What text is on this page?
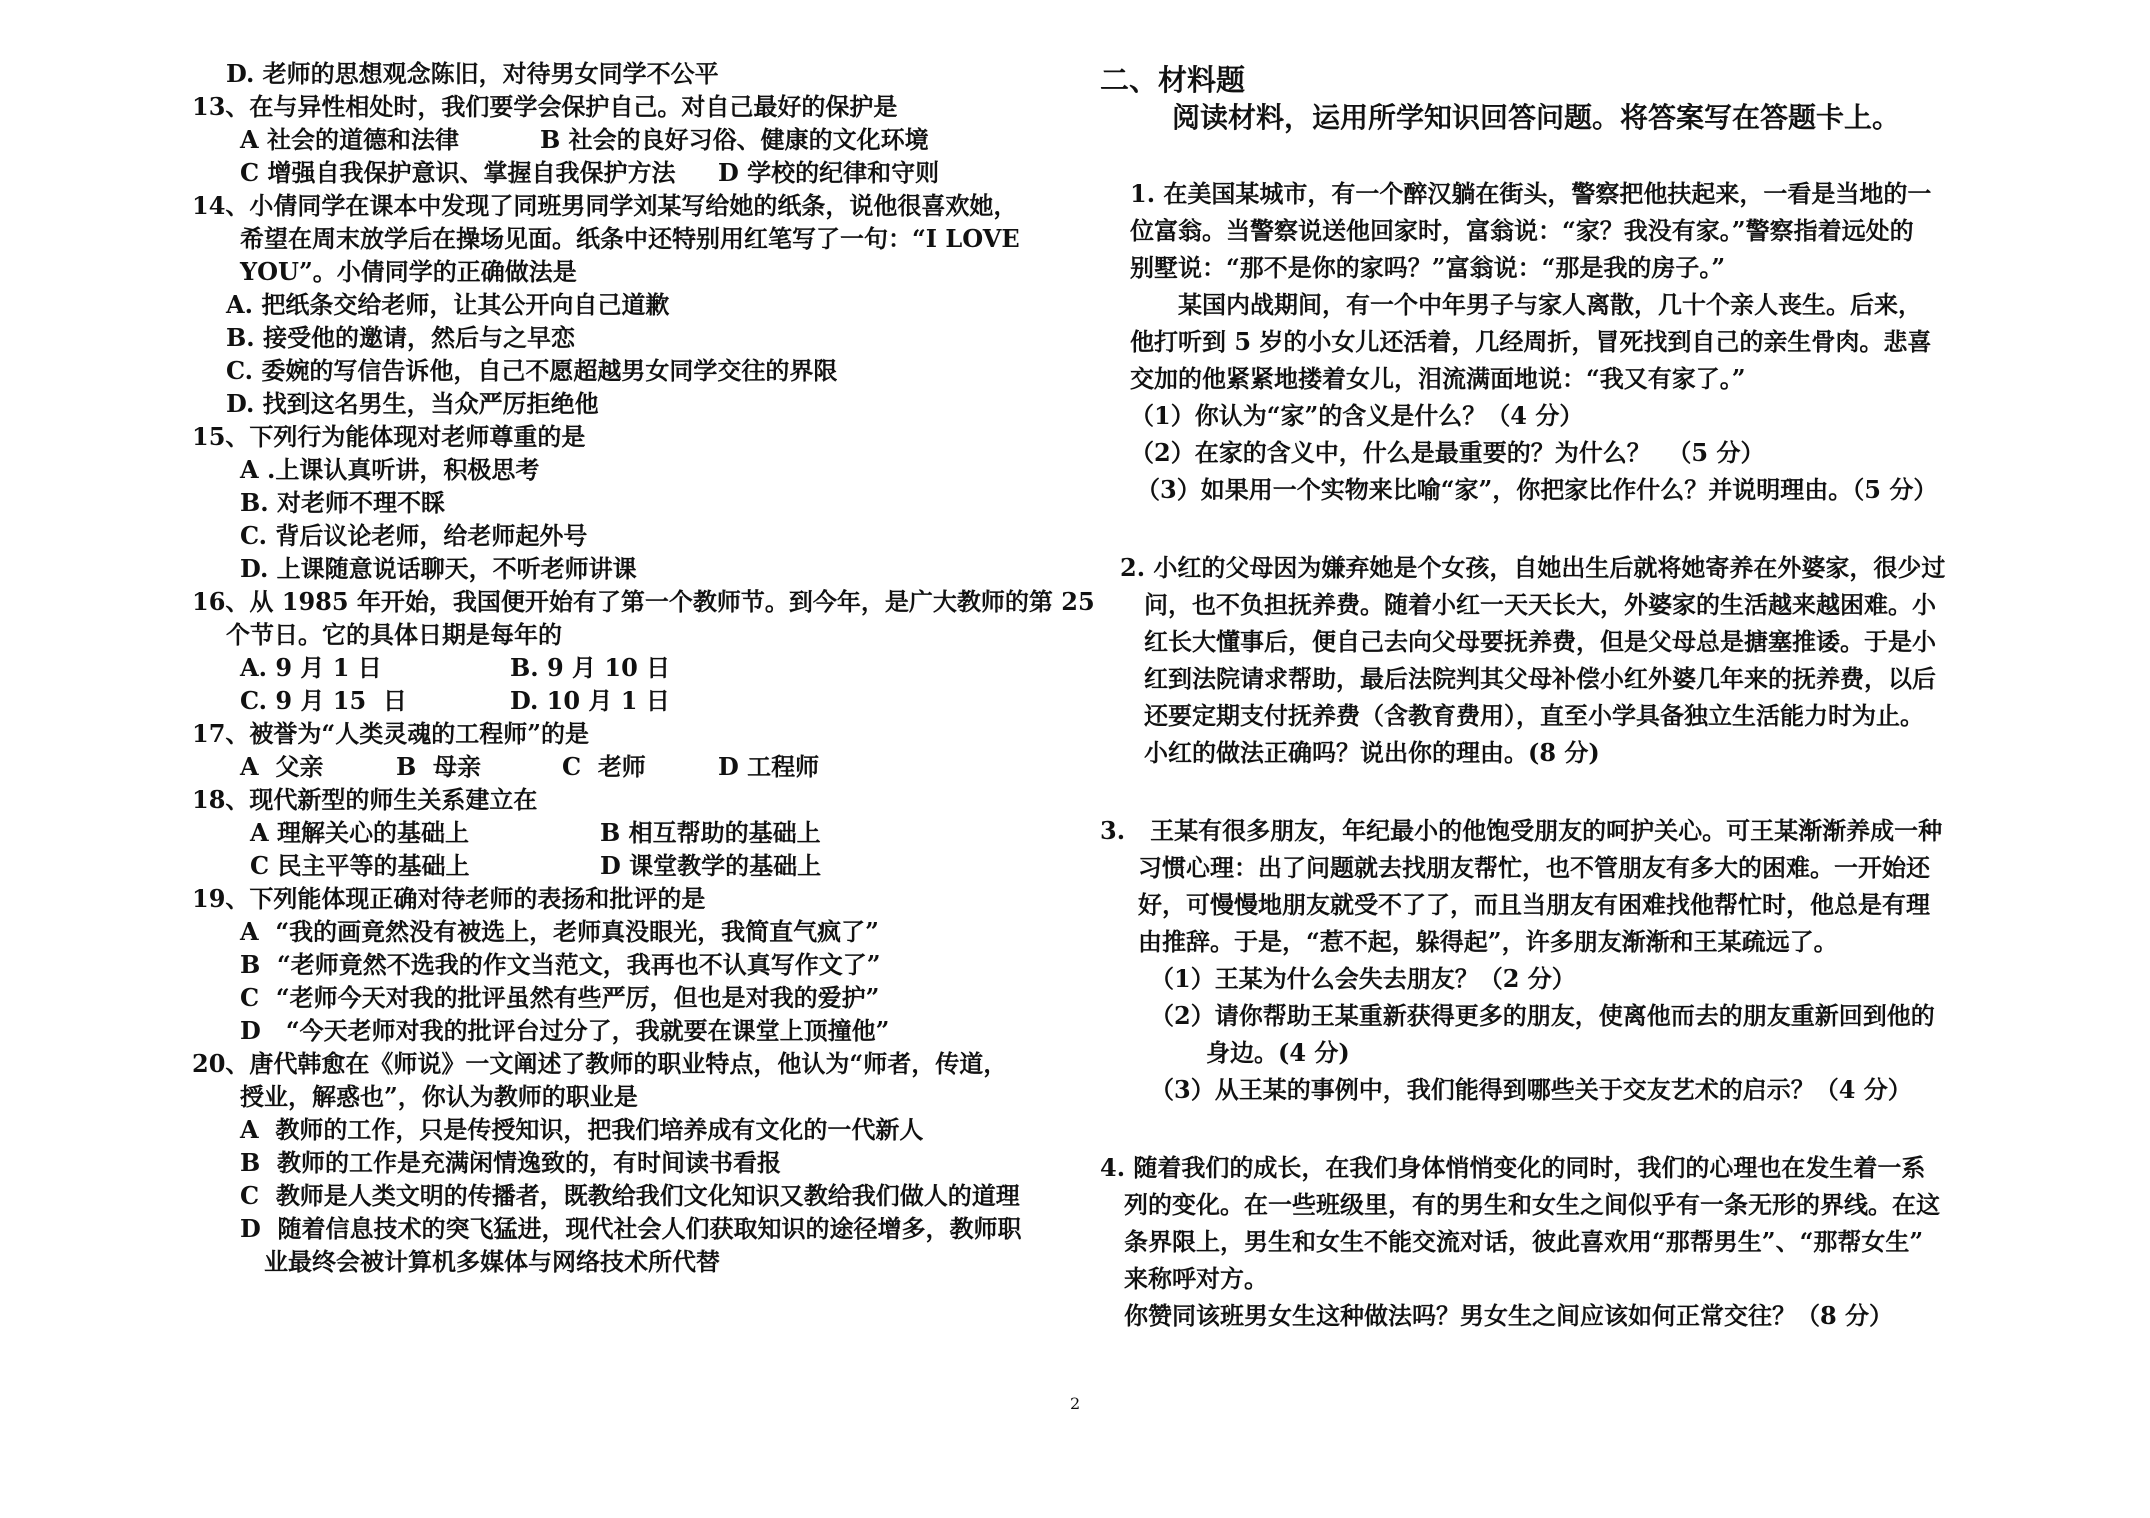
D. 老师的思想观念陈旧，对待男女同学不公平
13、在与异性相处时，我们要学会保护自己。对自己最好的保护是
A 社会的道德和法律	B 社会的良好习俗、健康的文化环境
C 增强自我保护意识、掌握自我保护方法 D 学校的纪律和守则
14、小倩同学在课本中发现了同班男同学刘某写给她的纸条，说他很喜欢她，
希望在周末放学后在操场见面。纸条中还特别用红笔写了一句：“I LOVE
YOU”。小倩同学的正确做法是
A. 把纸条交给老师，让其公开向自己道歉
B. 接受他的邀请，然后与之早恋
C. 委婉的写信告诉他，自己不愿超越男女同学交往的界限
D. 找到这名男生，当众严厉拒绝他
15、下列行为能体现对老师尊重的是
A .上课认真听讲，积极思考
B. 对老师不理不睬
C. 背后议论老师，给老师起外号
D. 上课随意说话聊天，不听老师讲课
16、从 1985 年开始，我国便开始有了第一个教师节。到今年，是广大教师的第 25
个节日。它的具体日期是每年的
A. 9 月 1 日	B. 9 月 10 日
C. 9 月 15  日	D. 10 月 1 日
17、被誉为“人类灵魂的工程师”的是
A  父亲	B  母亲	C  老师	D 工程师
18、现代新型的师生关系建立在
A 理解关心的基础上	B 相互帮助的基础上
C 民主平等的基础上	D 课堂教学的基础上
19、下列能体现正确对待老师的表扬和批评的是
A  “我的画竟然没有被选上，老师真没眼光，我简直气疯了”
B  “老师竟然不选我的作文当范文，我再也不认真写作文了”
C  “老师今天对我的批评虽然有些严厉，但也是对我的爱护”
D   “今天老师对我的批评台过分了，我就要在课堂上顶撞他”
20、唐代韩愈在《师说》一文阐述了教师的职业特点，他认为“师者，传道，
授业，解惑也”，你认为教师的职业是
A  教师的工作，只是传授知识，把我们培养成有文化的一代新人
B  教师的工作是充满闲情逸致的，有时间读书看报
C  教师是人类文明的传播者，既教给我们文化知识又教给我们做人的道理
D  随着信息技术的突飞猛进，现代社会人们获取知识的途径增多，教师职
业最终会被计算机多媒体与网络技术所代替
二、材料题
阅读材料，运用所学知识回答问题。将答案写在答题卡上。
1. 在美国某城市，有一个醉汉躺在街头，警察把他扶起来，一看是当地的一
位富翁。当警察说送他回家时，富翁说：“家？我没有家。”警察指着远处的
别墅说：“那不是你的家吗？”富翁说：“那是我的房子。”
某国内战期间，有一个中年男子与家人离散，几十个亲人丧生。后来，
他打听到 5 岁的小女儿还活着，几经周折，冒死找到自己的亲生骨肉。悲喜
交加的他紧紧地搂着女儿，泪流满面地说：“我又有家了。”
（1）你认为“家”的含义是什么？（4 分）
（2）在家的含义中，什么是最重要的？为什么？  （5 分）
（3）如果用一个实物来比喻“家”，你把家比作什么？并说明理由。（5 分）
2. 小红的父母因为嫌弃她是个女孩，自她出生后就将她寄养在外婆家，很少过
问，也不负担抚养费。随着小红一天天长大，外婆家的生活越来越困难。小
红长大懂事后，便自己去向父母要抚养费，但是父母总是搪塞推诿。于是小
红到法院请求帮助，最后法院判其父母补偿小红外婆几年来的抚养费，以后
还要定期支付抚养费（含教育费用），直至小学具备独立生活能力时为止。
小红的做法正确吗？说出你的理由。(8 分)
3.   王某有很多朋友，年纪最小的他饱受朋友的呵护关心。可王某渐渐养成一种
习惯心理：出了问题就去找朋友帮忙，也不管朋友有多大的困难。一开始还
好，可慢慢地朋友就受不了了，而且当朋友有困难找他帮忙时，他总是有理
由推辞。于是，“惹不起，躲得起”，许多朋友渐渐和王某疏远了。
（1）王某为什么会失去朋友？（2 分）
（2）请你帮助王某重新获得更多的朋友，使离他而去的朋友重新回到他的
身边。(4 分)
（3）从王某的事例中，我们能得到哪些关于交友艺术的启示？（4 分）
4. 随着我们的成长，在我们身体悄悄变化的同时，我们的心理也在发生着一系
列的变化。在一些班级里，有的男生和女生之间似乎有一条无形的界线。在这
条界限上，男生和女生不能交流对话，彼此喜欢用“那帮男生”、“那帮女生”
来称呼对方。
你赞同该班男女生这种做法吗？男女生之间应该如何正常交往？（8 分）
2
